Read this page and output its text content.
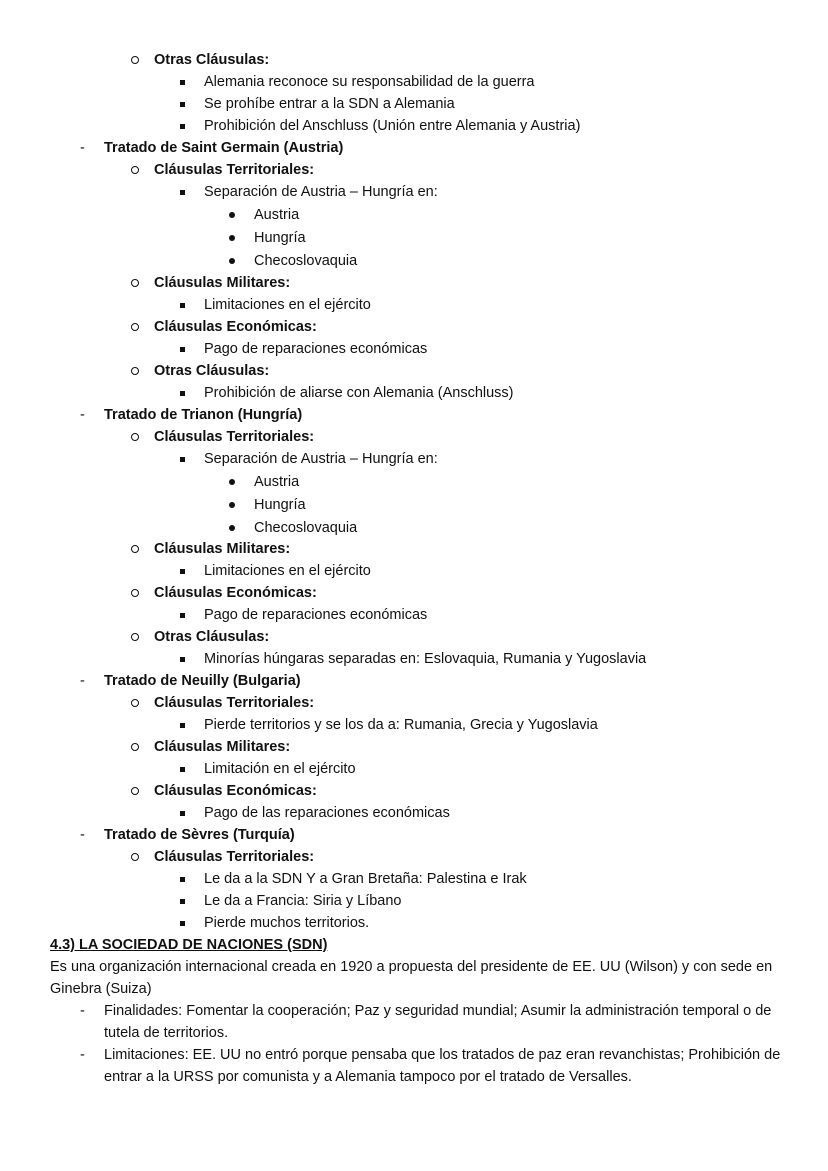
Otras Cláusulas:
Alemania reconoce su responsabilidad de la guerra
Se prohíbe entrar a la SDN a Alemania
Prohibición del Anschluss (Unión entre Alemania y Austria)
- Tratado de Saint Germain (Austria)
Cláusulas Territoriales:
Separación de Austria – Hungría en:
Austria
Hungría
Checoslovaquia
Cláusulas Militares:
Limitaciones en el ejército
Cláusulas Económicas:
Pago de reparaciones económicas
Otras Cláusulas:
Prohibición de aliarse con Alemania (Anschluss)
- Tratado de Trianon (Hungría)
Cláusulas Territoriales:
Separación de Austria – Hungría en:
Austria
Hungría
Checoslovaquia
Cláusulas Militares:
Limitaciones en el ejército
Cláusulas Económicas:
Pago de reparaciones económicas
Otras Cláusulas:
Minorías húngaras separadas en: Eslovaquia, Rumania y Yugoslavia
- Tratado de Neuilly (Bulgaria)
Cláusulas Territoriales:
Pierde territorios y se los da a: Rumania, Grecia y Yugoslavia
Cláusulas Militares:
Limitación en el ejército
Cláusulas Económicas:
Pago de las reparaciones económicas
- Tratado de Sèvres (Turquía)
Cláusulas Territoriales:
Le da a la SDN Y a Gran Bretaña: Palestina e Irak
Le da a Francia: Siria y Líbano
Pierde muchos territorios.
4.3) LA SOCIEDAD DE NACIONES (SDN)
Es una organización internacional creada en 1920 a propuesta del presidente de EE. UU (Wilson) y con sede en Ginebra (Suiza)
- Finalidades: Fomentar la cooperación; Paz y seguridad mundial; Asumir la administración temporal o de tutela de territorios.
- Limitaciones: EE. UU no entró porque pensaba que los tratados de paz eran revanchistas; Prohibición de entrar a la URSS por comunista y a Alemania tampoco por el tratado de Versalles.
